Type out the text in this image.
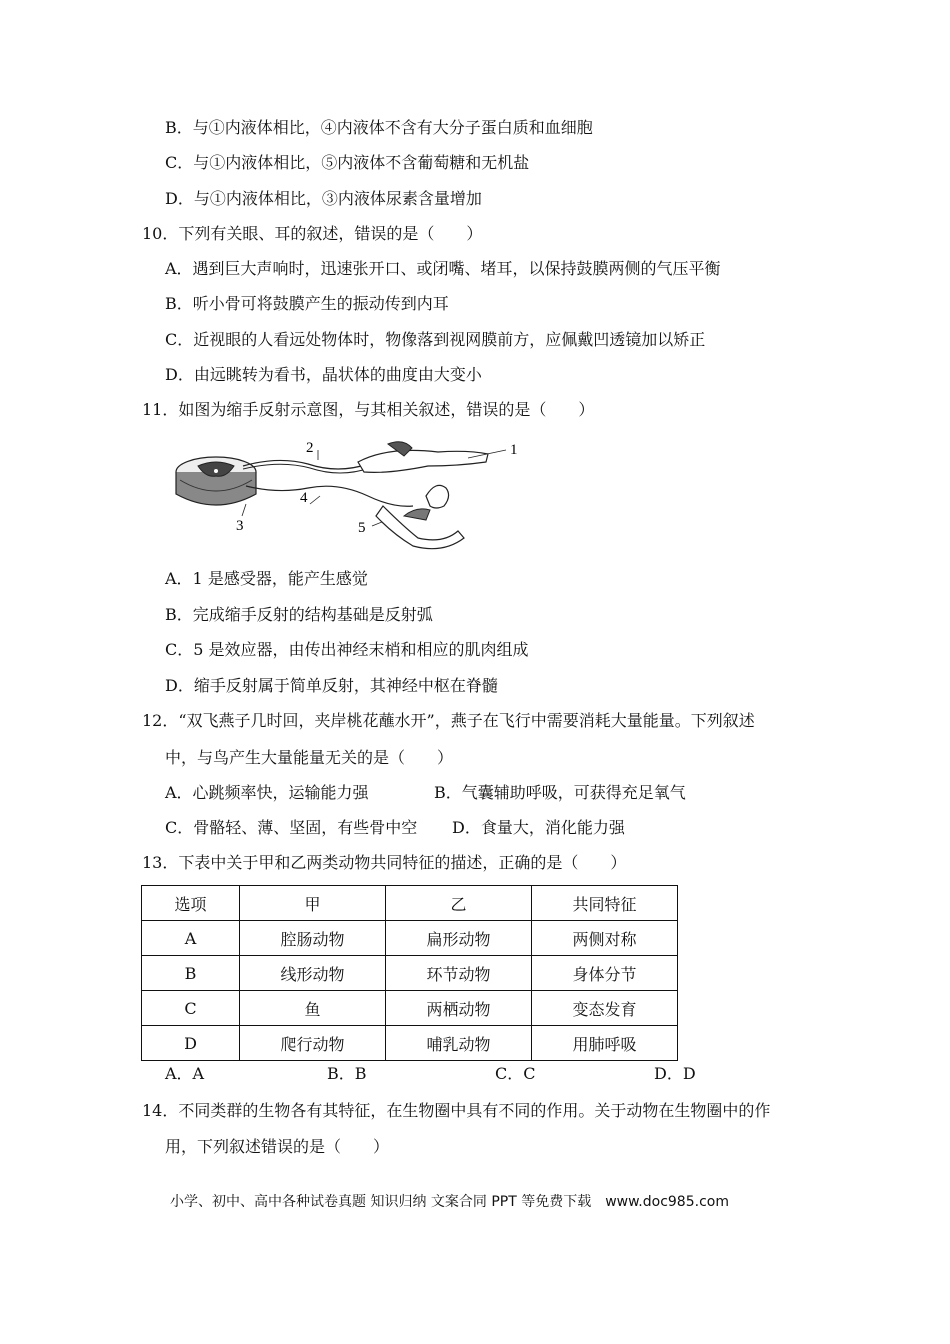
B．与①内液体相比，④内液体不含有大分子蛋白质和血细胞
C．与①内液体相比，⑤内液体不含葡萄糖和无机盐
D．与①内液体相比，③内液体尿素含量增加
10．下列有关眼、耳的叙述，错误的是（　　）
A．遇到巨大声响时，迅速张开口、或闭嘴、堵耳，以保持鼓膜两侧的气压平衡
B．听小骨可将鼓膜产生的振动传到内耳
C．近视眼的人看远处物体时，物像落到视网膜前方，应佩戴凹透镜加以矫正
D．由远眺转为看书，晶状体的曲度由大变小
11．如图为缩手反射示意图，与其相关叙述，错误的是（　　）
1
2
3
4
5
A．1 是感受器，能产生感觉
B．完成缩手反射的结构基础是反射弧
C．5 是效应器，由传出神经末梢和相应的肌肉组成
D．缩手反射属于简单反射，其神经中枢在脊髓
12．“双飞燕子几时回，夹岸桃花蘸水开”，燕子在飞行中需要消耗大量能量。下列叙述
中，与鸟产生大量能量无关的是（　　）
A．心跳频率快，运输能力强	B．气囊辅助呼吸，可获得充足氧气
C．骨骼轻、薄、坚固，有些骨中空 D．食量大，消化能力强
13．下表中关于甲和乙两类动物共同特征的描述，正确的是（　　）
选项	甲	乙	共同特征
A	腔肠动物	扁形动物	两侧对称
B	线形动物	环节动物	身体分节
C	鱼	两栖动物	变态发育
D	爬行动物	哺乳动物	用肺呼吸
A．A	B．B	C．C	D．D
14．不同类群的生物各有其特征，在生物圈中具有不同的作用。关于动物在生物圈中的作
用，下列叙述错误的是（　　）
小学、初中、高中各种试卷真题 知识归纳 文案合同 PPT 等免费下载　www.doc985.com
